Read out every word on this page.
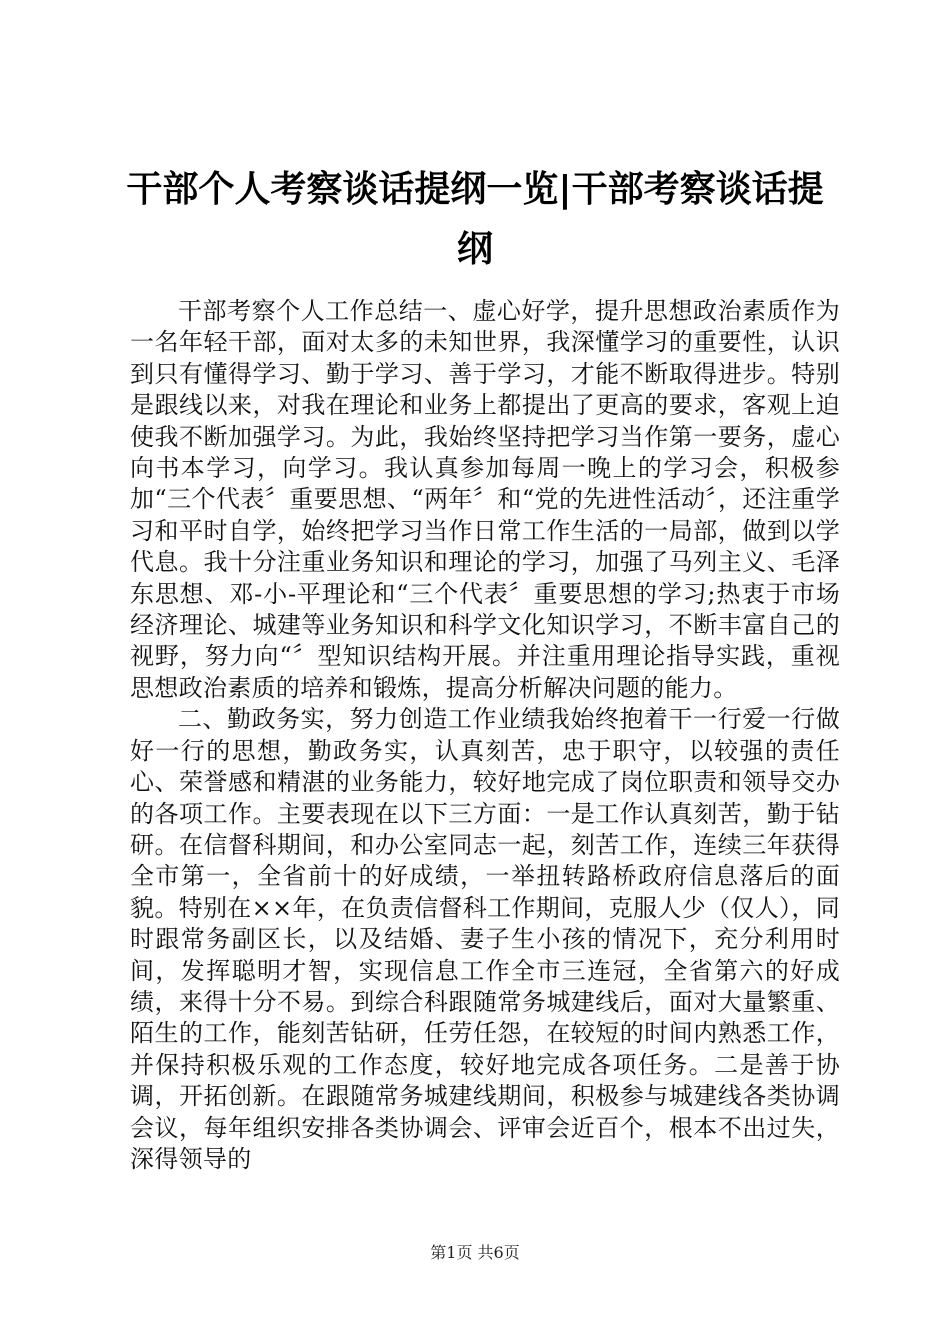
干部个人考察谈话提纲一览|干部考察谈话提纲

干部考察个人工作总结一、虚心好学，提升思想政治素质作为一名年轻干部，面对太多的未知世界，我深懂学习的重要性，认识到只有懂得学习、勤于学习、善于学习，才能不断取得进步。特别是跟线以来，对我在理论和业务上都提出了更高的要求，客观上迫使我不断加强学习。为此，我始终坚持把学习当作第一要务，虚心向书本学习，向学习。我认真参加每周一晚上的学习会，积极参加“三个代表〞重要思想、“两年〞和“党的先进性活动〞，还注重学习和平时自学，始终把学习当作日常工作生活的一局部，做到以学代息。我十分注重业务知识和理论的学习，加强了马列主义、毛泽东思想、邓-小-平理论和“三个代表〞重要思想的学习;热衷于市场经济理论、城建等业务知识和科学文化知识学习，不断丰富自己的视野，努力向“〞型知识结构开展。并注重用理论指导实践，重视思想政治素质的培养和锻炼，提高分析解决问题的能力。

二、勤政务实，努力创造工作业绩我始终抱着干一行爱一行做好一行的思想，勤政务实，认真刻苦，忠于职守，以较强的责任心、荣誉感和精湛的业务能力，较好地完成了岗位职责和领导交办的各项工作。主要表现在以下三方面：一是工作认真刻苦，勤于钻研。在信督科期间，和办公室同志一起，刻苦工作，连续三年获得全市第一，全省前十的好成绩，一举扭转路桥政府信息落后的面貌。特别在××年，在负责信督科工作期间，克服人少（仅人），同时跟常务副区长，以及结婚、妻子生小孩的情况下，充分利用时间，发挥聪明才智，实现信息工作全市三连冠，全省第六的好成绩，来得十分不易。到综合科跟随常务城建线后，面对大量繁重、陌生的工作，能刻苦钻研，任劳任怨，在较短的时间内熟悉工作，并保持积极乐观的工作态度，较好地完成各项任务。二是善于协调，开拓创新。在跟随常务城建线期间，积极参与城建线各类协调会议，每年组织安排各类协调会、评审会近百个，根本不出过失，深得领导的

第1页 共6页
